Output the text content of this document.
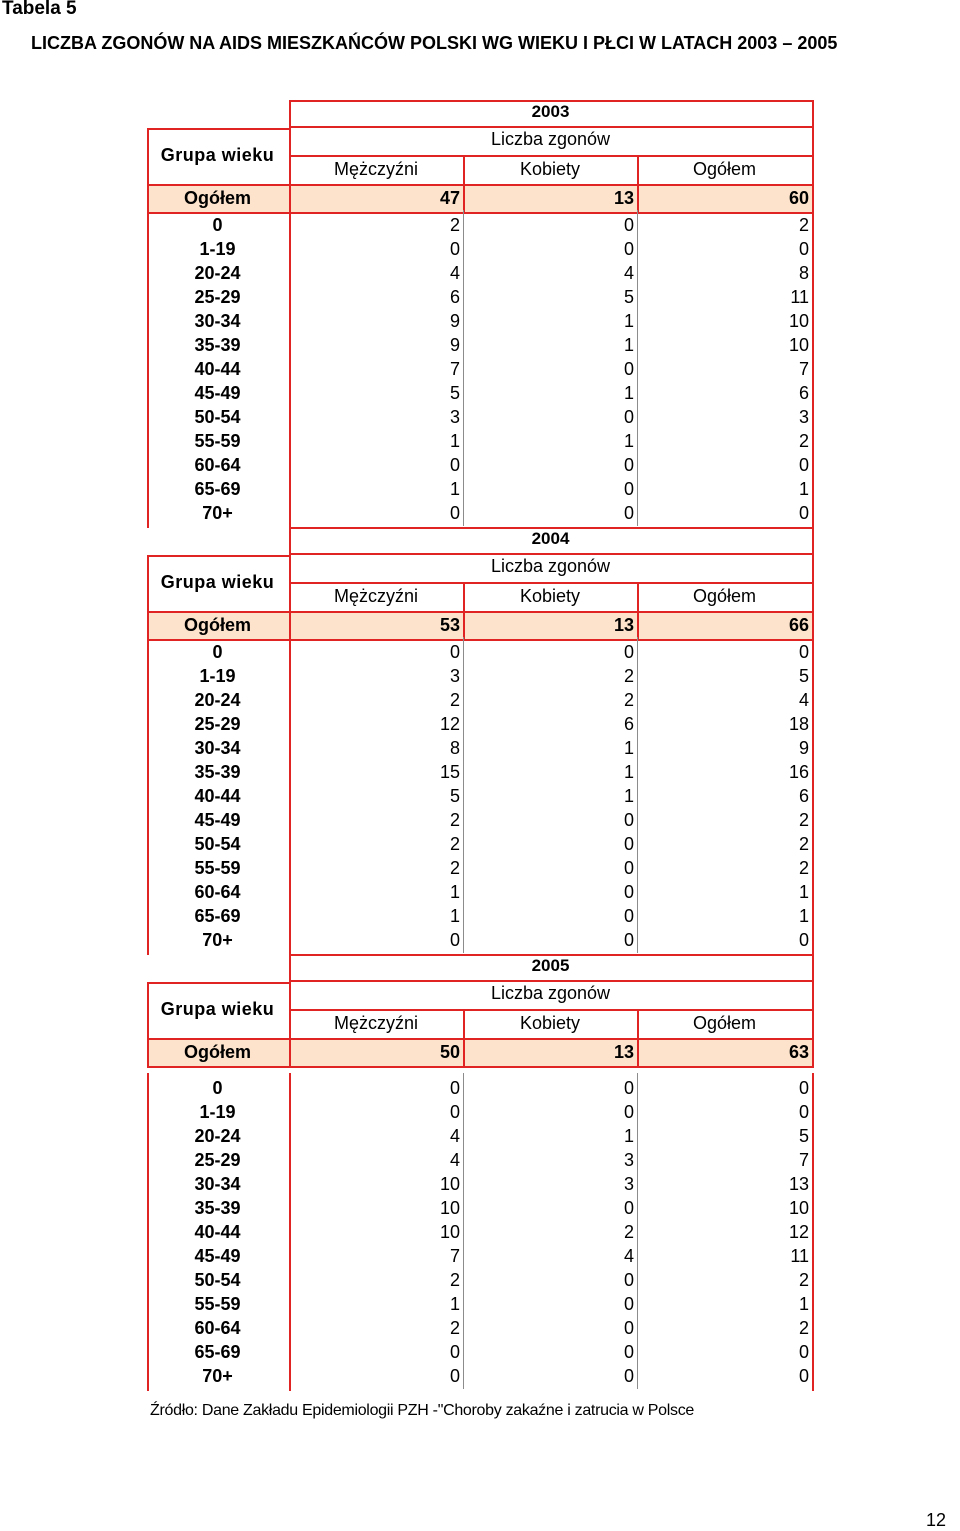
Tabela 5
LICZBA ZGONÓW NA AIDS MIESZKAŃCÓW POLSKI WG WIEKU I PŁCI W LATACH 2003 – 2005
2003
Liczba zgonów
Mężczyźni	Kobiety	Ogółem
Grupa wieku
Ogółem	47	13	60
0	2	0	2
1-19	0	0	0
20-24	4	4	8
25-29	6	5	11
30-34	9	1	10
35-39	9	1	10
40-44	7	0	7
45-49	5	1	6
50-54	3	0	3
55-59	1	1	2
60-64	0	0	0
65-69	1	0	1
70+	0	0	0
2004
Liczba zgonów
Mężczyźni	Kobiety	Ogółem
Grupa wieku
Ogółem	53	13	66
0	0	0	0
1-19	3	2	5
20-24	2	2	4
25-29	12	6	18
30-34	8	1	9
35-39	15	1	16
40-44	5	1	6
45-49	2	0	2
50-54	2	0	2
55-59	2	0	2
60-64	1	0	1
65-69	1	0	1
70+	0	0	0
2005
Liczba zgonów
Mężczyźni	Kobiety	Ogółem
Grupa wieku
Ogółem	50	13	63
0	0	0	0
1-19	0	0	0
20-24	4	1	5
25-29	4	3	7
30-34	10	3	13
35-39	10	0	10
40-44	10	2	12
45-49	7	4	11
50-54	2	0	2
55-59	1	0	1
60-64	2	0	2
65-69	0	0	0
70+	0	0	0
Źródło: Dane Zakładu Epidemiologii PZH -"Choroby zakaźne i zatrucia w Polsce
12
